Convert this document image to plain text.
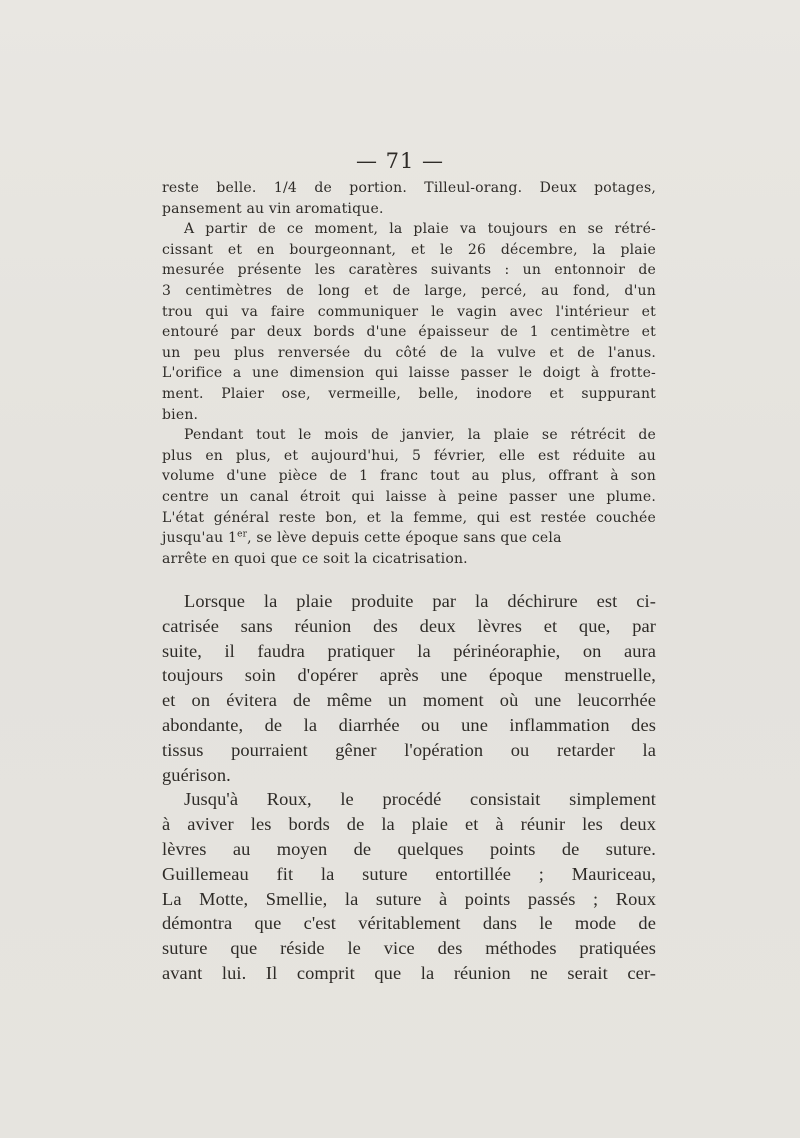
— 71 —
reste belle. 1/4 de portion. Tilleul-orang. Deux potages,
pansement au vin aromatique.
A partir de ce moment, la plaie va toujours en se rétré-
cissant et en bourgeonnant, et le 26 décembre, la plaie
mesurée présente les caratères suivants : un entonnoir de
3 centimètres de long et de large, percé, au fond, d'un
trou qui va faire communiquer le vagin avec l'intérieur et
entouré par deux bords d'une épaisseur de 1 centimètre et
un peu plus renversée du côté de la vulve et de l'anus.
L'orifice a une dimension qui laisse passer le doigt à frotte-
ment. Plaier ose, vermeille, belle, inodore et suppurant
bien.
Pendant tout le mois de janvier, la plaie se rétrécit de
plus en plus, et aujourd'hui, 5 février, elle est réduite au
volume d'une pièce de 1 franc tout au plus, offrant à son
centre un canal étroit qui laisse à peine passer une plume.
L'état général reste bon, et la femme, qui est restée couchée
jusqu'au 1er, se lève depuis cette époque sans que cela
arrête en quoi que ce soit la cicatrisation.
Lorsque la plaie produite par la déchirure est ci-
catrisée sans réunion des deux lèvres et que, par
suite, il faudra pratiquer la périnéoraphie, on aura
toujours soin d'opérer après une époque menstruelle,
et on évitera de même un moment où une leucorrhée
abondante, de la diarrhée ou une inflammation des
tissus pourraient gêner l'opération ou retarder la
guérison.
Jusqu'à Roux, le procédé consistait simplement
à aviver les bords de la plaie et à réunir les deux
lèvres au moyen de quelques points de suture.
Guillemeau fit la suture entortillée ; Mauriceau,
La Motte, Smellie, la suture à points passés ; Roux
démontra que c'est véritablement dans le mode de
suture que réside le vice des méthodes pratiquées
avant lui. Il comprit que la réunion ne serait cer-
